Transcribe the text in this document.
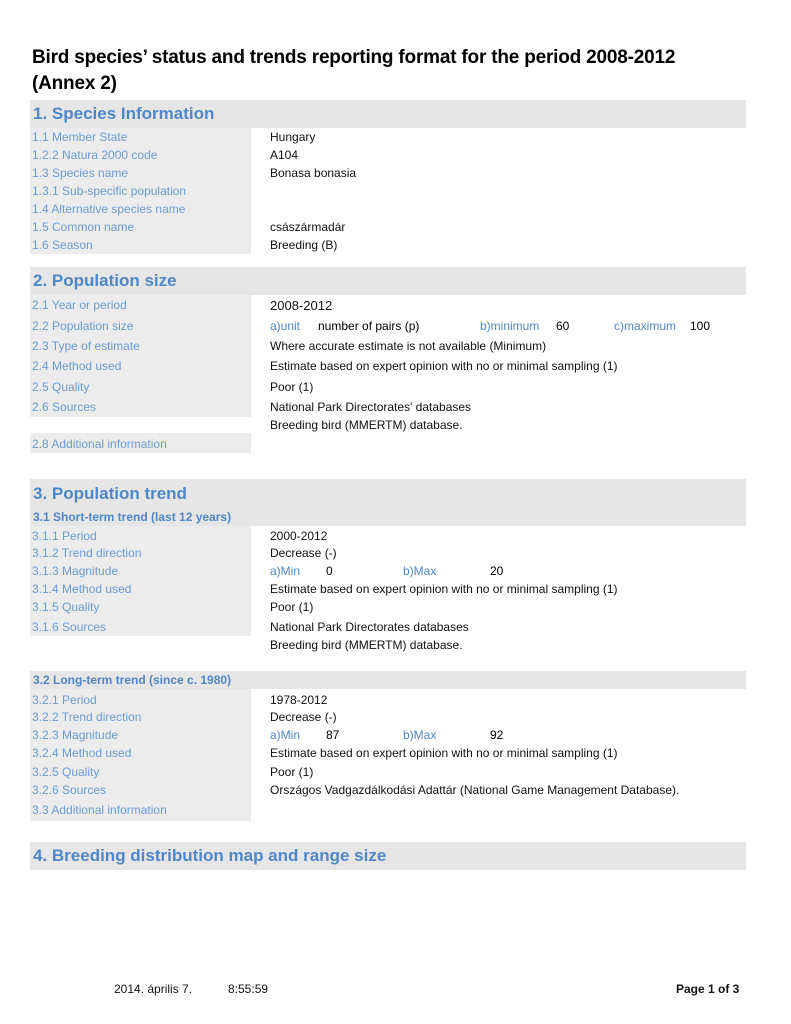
Bird species’ status and trends reporting format for the period 2008-2012
(Annex 2)
1. Species Information
1.1 Member State	Hungary
1.2.2 Natura 2000 code	A104
1.3 Species name	Bonasa bonasia
1.3.1 Sub-specific population
1.4 Alternative species name
1.5 Common name	császármadár
1.6 Season	Breeding (B)
2. Population size
2.1 Year or period	2008-2012
2.2 Population size	a)unit number of pairs (p)	b)minimum 60	c)maximum 100
2.3 Type of estimate	Where accurate estimate is not available (Minimum)
2.4 Method used	Estimate based on expert opinion with no or minimal sampling (1)
2.5 Quality	Poor (1)
2.6 Sources	National Park Directorates' databases
Breeding bird (MMERTM) database.
2.8 Additional information
3. Population trend
3.1 Short-term trend (last 12 years)
3.1.1 Period	2000-2012
3.1.2 Trend direction	Decrease (-)
3.1.3 Magnitude	a)Min 0	b)Max	20
3.1.4 Method used	Estimate based on expert opinion with no or minimal sampling (1)
3.1.5 Quality	Poor (1)
3.1.6 Sources	National Park Directorates databases
Breeding bird (MMERTM) database.
3.2 Long-term trend (since c. 1980)
3.2.1 Period	1978-2012
3.2.2 Trend direction	Decrease (-)
3.2.3 Magnitude	a)Min 87	b)Max	92
3.2.4 Method used	Estimate based on expert opinion with no or minimal sampling (1)
3.2.5 Quality	Poor (1)
3.2.6 Sources	Országos Vadgazdálkodási Adattár (National Game Management Database).
3.3 Additional information
4. Breeding distribution map and range size
2014. április 7.	8:55:59	Page 1 of 3
